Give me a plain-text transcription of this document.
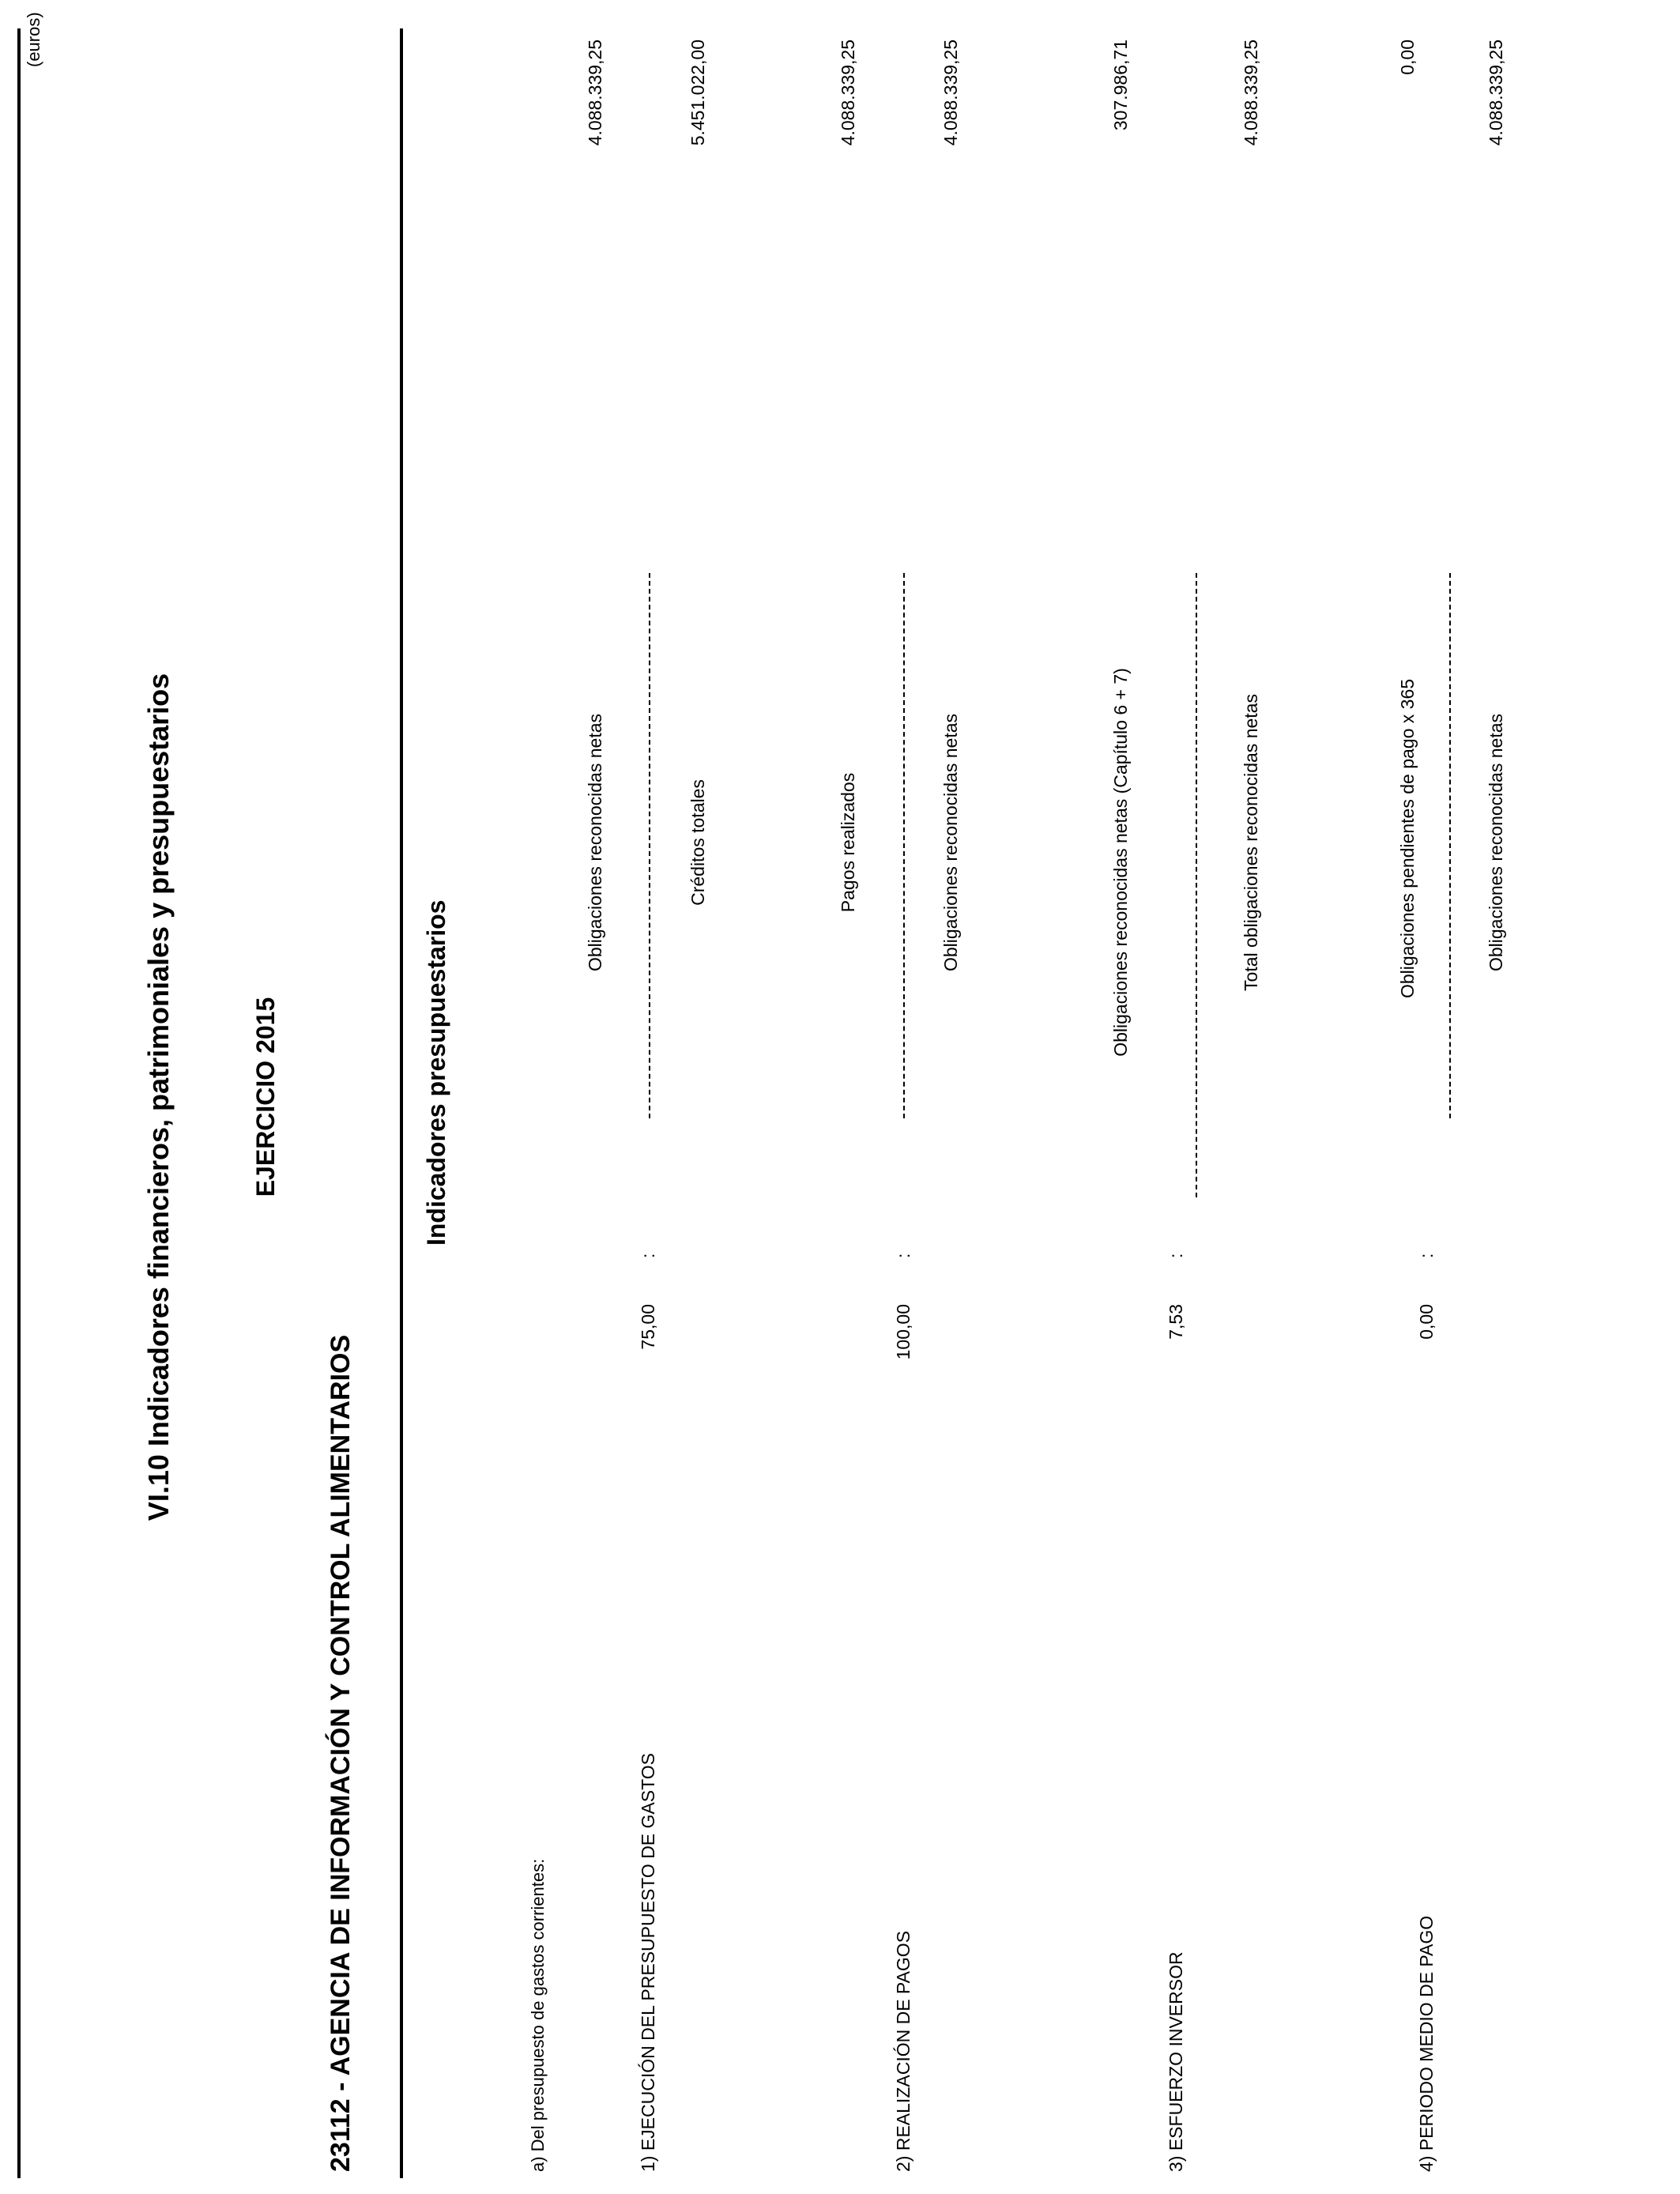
(euros)
VI.10 Indicadores financieros, patrimoniales y presupuestarios	EJERCICIO 2015
23112 - AGENCIA DE INFORMACIÓN Y CONTROL ALIMENTARIOS
Indicadores presupuestarios
a) Del presupuesto de gastos corrientes:	1) EJECUCIÓN DEL PRESUPUESTO DE GASTOS
75,00
:
Obligaciones reconocidas netas	Créditos totales
4.088.339,25	5.451.022,00
2) REALIZACIÓN DE PAGOS
100,00
:
Pagos realizados	Obligaciones reconocidas netas
4.088.339,25	4.088.339,25
3) ESFUERZO INVERSOR
7,53
:
Obligaciones reconocidas netas (Capítulo 6 + 7)	Total obligaciones reconocidas netas
307.986,71	4.088.339,25
4) PERIODO MEDIO DE PAGO
0,00
:
Obligaciones pendientes de pago x 365	Obligaciones reconocidas netas
0,00	4.088.339,25
